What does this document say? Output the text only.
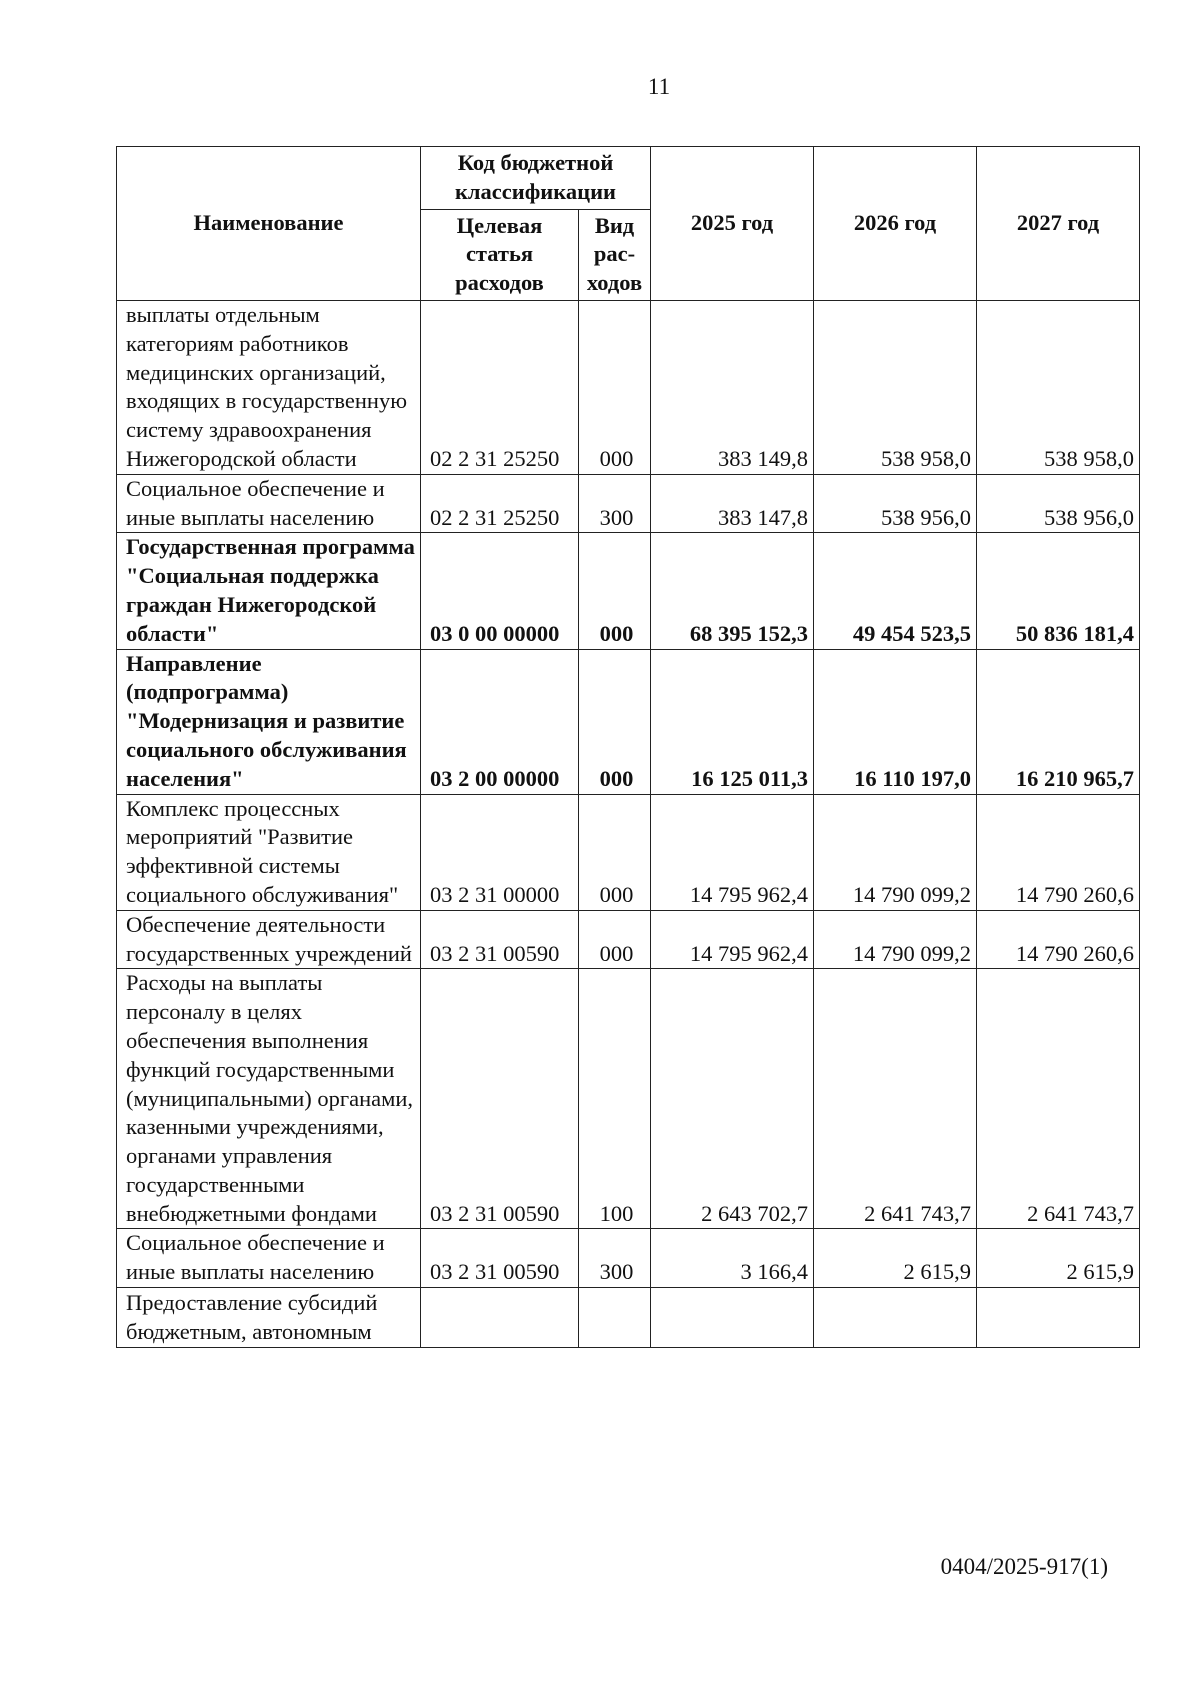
11
Наименование	Код бюджетной классификации		2025 год	2026 год	2027 год
	Целевая статья расходов	Вид рас-ходов			
выплаты отдельным категориям работников медицинских организаций, входящих в государственную систему здравоохранения Нижегородской области	02 2 31 25250	000	383 149,8	538 958,0	538 958,0
Социальное обеспечение и иные выплаты населению	02 2 31 25250	300	383 147,8	538 956,0	538 956,0
Государственная программа "Социальная поддержка граждан Нижегородской области"	03 0 00 00000	000	68 395 152,3	49 454 523,5	50 836 181,4
Направление (подпрограмма) "Модернизация и развитие социального обслуживания населения"	03 2 00 00000	000	16 125 011,3	16 110 197,0	16 210 965,7
Комплекс процессных мероприятий "Развитие эффективной системы социального обслуживания"	03 2 31 00000	000	14 795 962,4	14 790 099,2	14 790 260,6
Обеспечение деятельности государственных учреждений	03 2 31 00590	000	14 795 962,4	14 790 099,2	14 790 260,6
Расходы на выплаты персоналу в целях обеспечения выполнения функций государственными (муниципальными) органами, казенными учреждениями, органами управления государственными внебюджетными фондами	03 2 31 00590	100	2 643 702,7	2 641 743,7	2 641 743,7
Социальное обеспечение и иные выплаты населению	03 2 31 00590	300	3 166,4	2 615,9	2 615,9
Предоставление субсидий бюджетным, автономным					
0404/2025-917(1)
